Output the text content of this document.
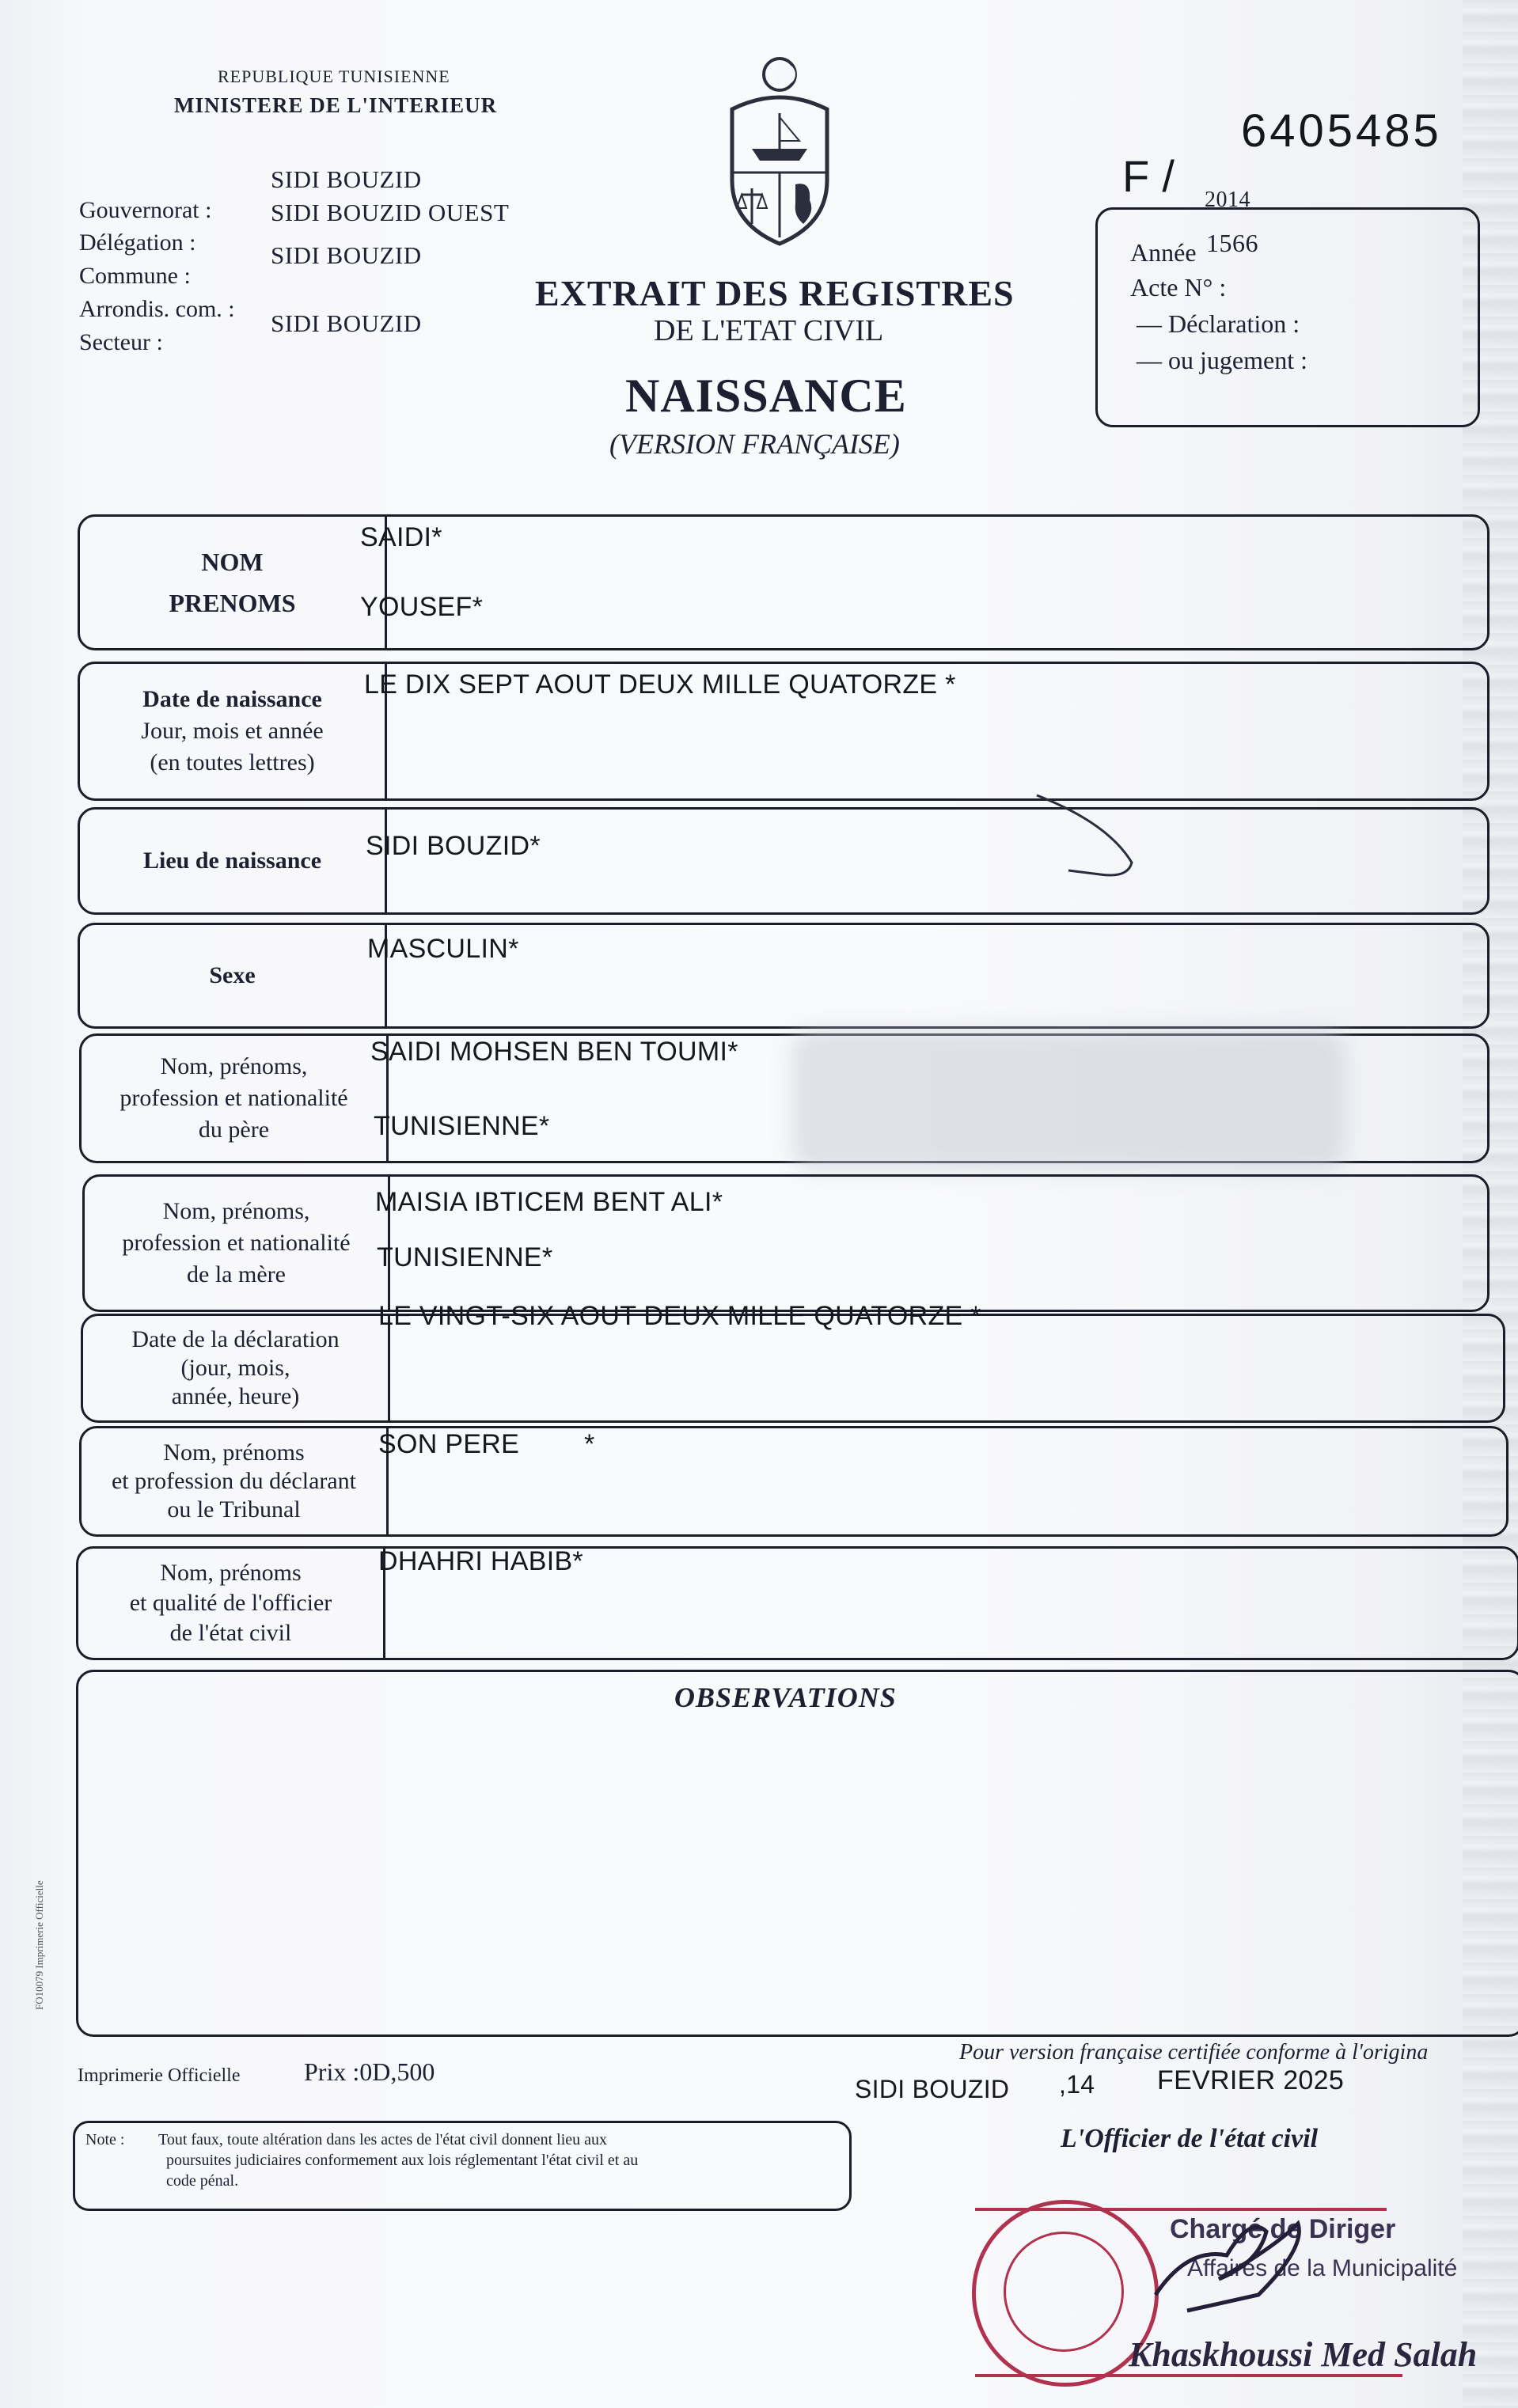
REPUBLIQUE TUNISIENNE
MINISTERE DE L'INTERIEUR
Gouvernorat :
Délégation :
Commune :
Arrondis. com. :
Secteur :
SIDI BOUZID
SIDI BOUZID OUEST
SIDI BOUZID
SIDI BOUZID
EXTRAIT DES REGISTRES
DE L'ETAT CIVIL
NAISSANCE
(VERSION FRANÇAISE)
6405485
F /
Année
2014
Acte N° :
1566
— Déclaration :
— ou jugement :
NOM
PRENOMS
SAIDI*
YOUSEF*
Date de naissance
Jour, mois et année
(en toutes lettres)
LE DIX SEPT AOUT DEUX MILLE QUATORZE *
Lieu de naissance SIDI BOUZID*
Sexe
MASCULIN*
Nom, prénoms,
profession et nationalité
du père
SAIDI MOHSEN BEN TOUMI*
TUNISIENNE*
Nom, prénoms,
profession et nationalité
de la mère
MAISIA IBTICEM BENT ALI*
TUNISIENNE*
Date de la déclaration
(jour, mois,
année, heure)
LE VINGT-SIX AOUT DEUX MILLE QUATORZE *
Nom, prénoms
et profession du déclarant
ou le Tribunal
SON PERE *
Nom, prénoms
et qualité de l'officier
de l'état civil
DHAHRI HABIB*
OBSERVATIONS
FO10079 Imprimerie Officielle
Imprimerie Officielle	Prix :0D,500
Pour version française certifiée conforme à l'origina
SIDI BOUZID ,14 FEVRIER 2025
L'Officier de l'état civil
Note : Tout faux, toute altération dans les actes de l'état civil donnent lieu aux
poursuites judiciaires conformement aux lois réglementant l'état civil et au
code pénal.
Chargé de Diriger
Affaires de la Municipalité
Khaskhoussi Med Salah
